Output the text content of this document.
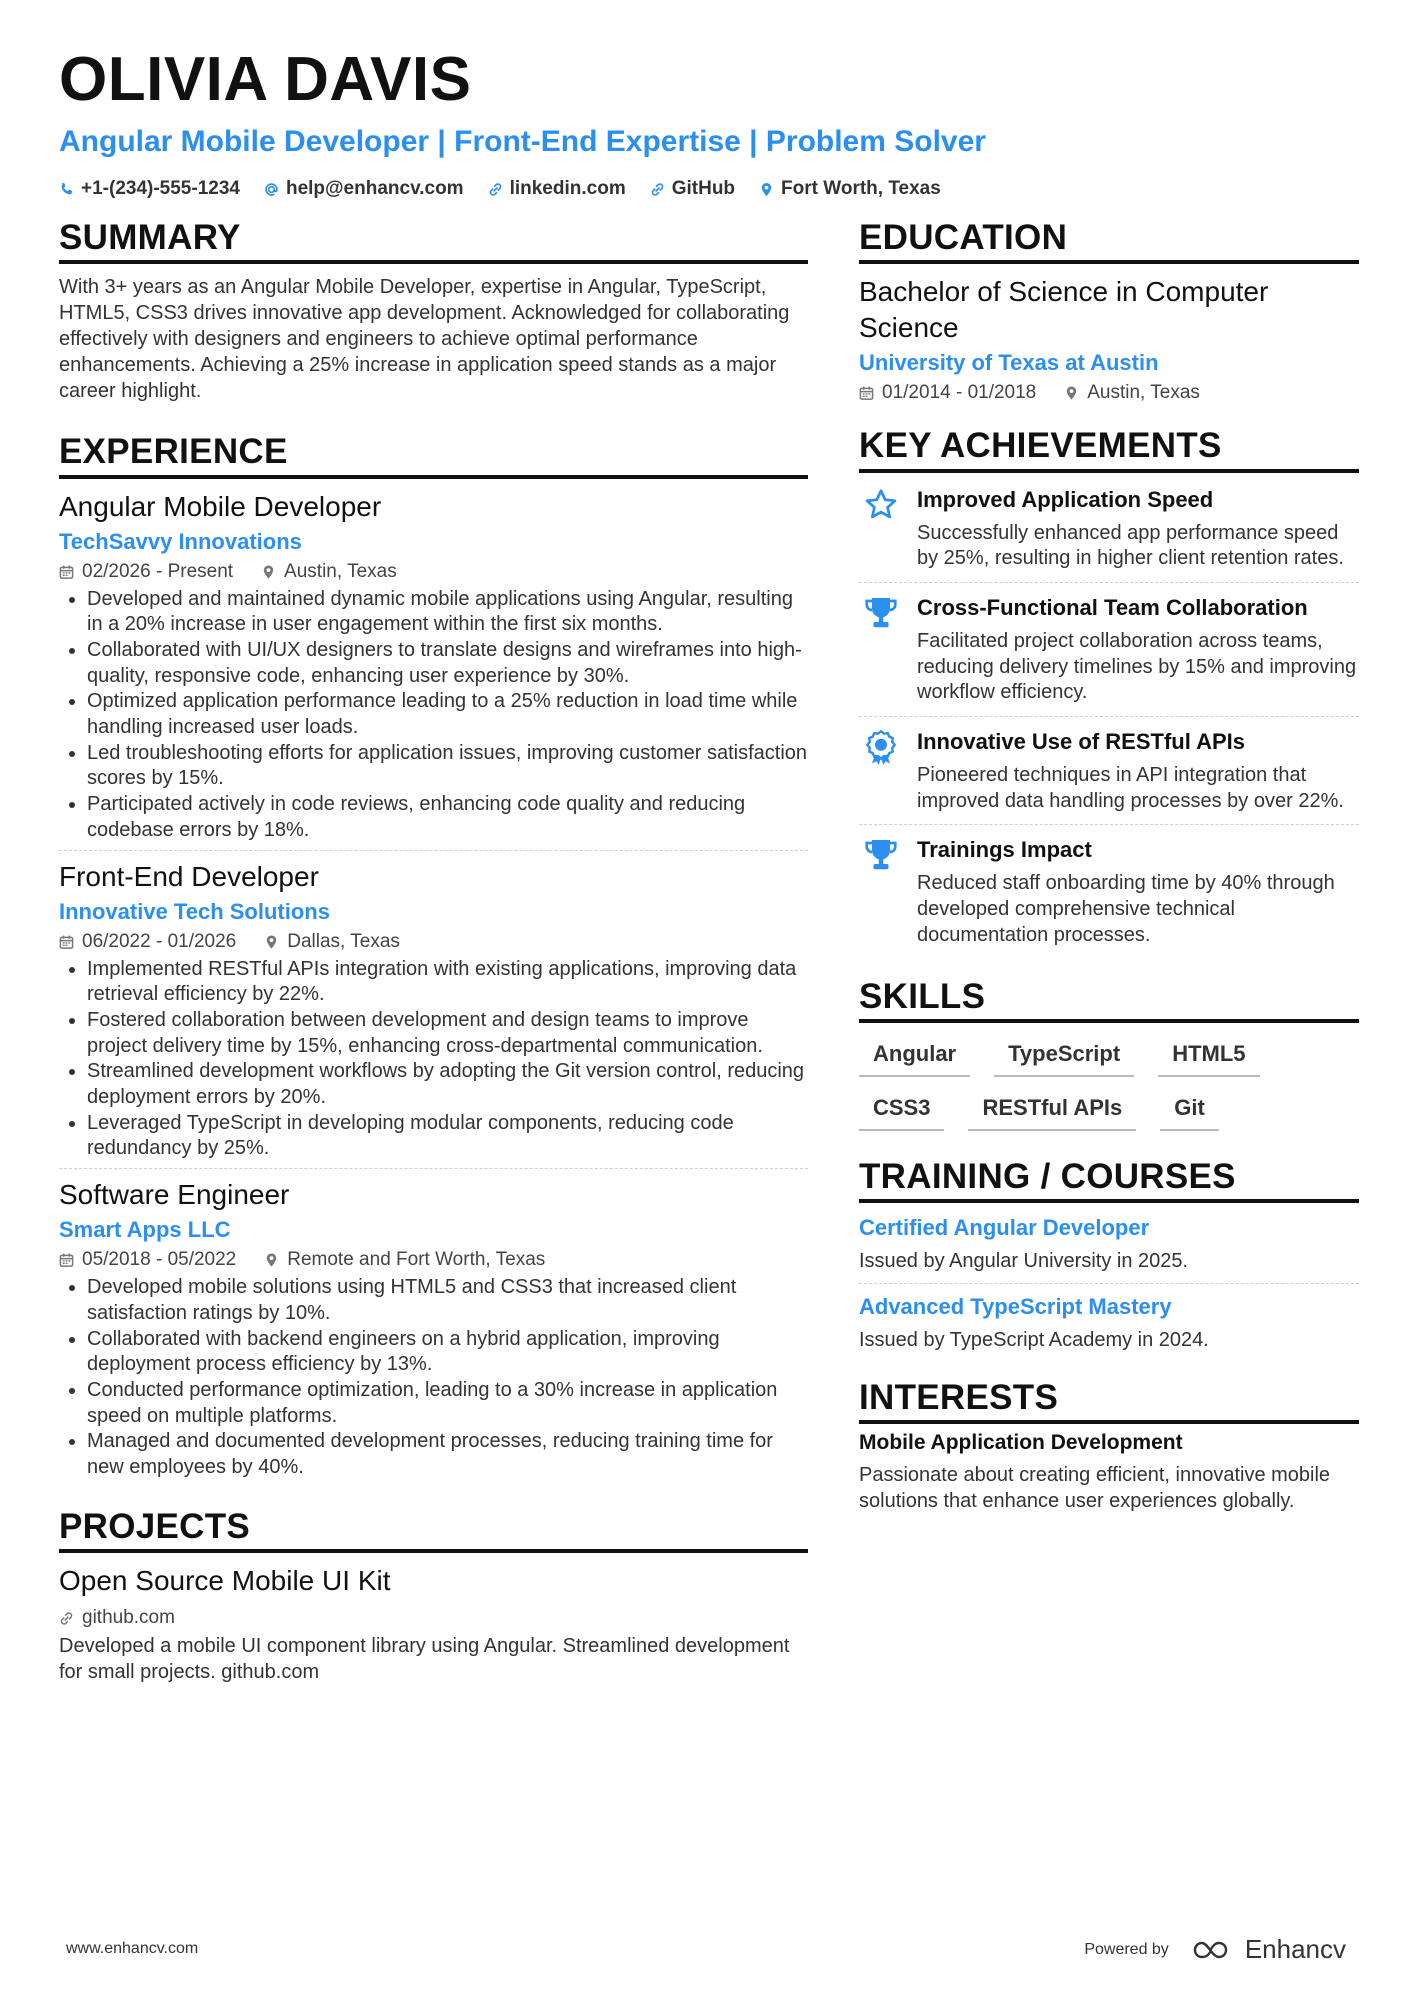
OLIVIA DAVIS
Angular Mobile Developer | Front-End Expertise | Problem Solver
+1-(234)-555-1234 help@enhancv.com linkedin.com GitHub Fort Worth, Texas
SUMMARY

With 3+ years as an Angular Mobile Developer, expertise in Angular, TypeScript, HTML5, CSS3 drives innovative app development. Acknowledged for collaborating effectively with designers and engineers to achieve optimal performance enhancements. Achieving a 25% increase in application speed stands as a major career highlight.

EXPERIENCE
Angular Mobile Developer
TechSavvy Innovations
02/2026 - Present	Austin, Texas
• Developed and maintained dynamic mobile applications using Angular, resulting in a 20% increase in user engagement within the first six months.
• Collaborated with UI/UX designers to translate designs and wireframes into high-quality, responsive code, enhancing user experience by 30%.
• Optimized application performance leading to a 25% reduction in load time while handling increased user loads.
• Led troubleshooting efforts for application issues, improving customer satisfaction scores by 15%.
• Participated actively in code reviews, enhancing code quality and reducing codebase errors by 18%.
Front-End Developer
Innovative Tech Solutions
06/2022 - 01/2026	Dallas, Texas
• Implemented RESTful APIs integration with existing applications, improving data retrieval efficiency by 22%.
• Fostered collaboration between development and design teams to improve project delivery time by 15%, enhancing cross-departmental communication.
• Streamlined development workflows by adopting the Git version control, reducing deployment errors by 20%.
• Leveraged TypeScript in developing modular components, reducing code redundancy by 25%.
Software Engineer
Smart Apps LLC
05/2018 - 05/2022	Remote and Fort Worth, Texas
• Developed mobile solutions using HTML5 and CSS3 that increased client satisfaction ratings by 10%.
• Collaborated with backend engineers on a hybrid application, improving deployment process efficiency by 13%.
• Conducted performance optimization, leading to a 30% increase in application speed on multiple platforms.
• Managed and documented development processes, reducing training time for new employees by 40%.
PROJECTS
Open Source Mobile UI Kit
github.com

Developed a mobile UI component library using Angular. Streamlined development for small projects. github.com

EDUCATION
Bachelor of Science in Computer Science
University of Texas at Austin
01/2014 - 01/2018	Austin, Texas
KEY ACHIEVEMENTS
Improved Application Speed
Successfully enhanced app performance speed by 25%, resulting in higher client retention rates.
Cross-Functional Team Collaboration
Facilitated project collaboration across teams, reducing delivery timelines by 15% and improving workflow efficiency.
Innovative Use of RESTful APIs
Pioneered techniques in API integration that improved data handling processes by over 22%.
Trainings Impact
Reduced staff onboarding time by 40% through developed comprehensive technical documentation processes.
SKILLS
Angular	TypeScript	HTML5
CSS3	RESTful APIs	Git
TRAINING / COURSES
Certified Angular Developer
Issued by Angular University in 2025.
Advanced TypeScript Mastery
Issued by TypeScript Academy in 2024.
INTERESTS
Mobile Application Development

Passionate about creating efficient, innovative mobile solutions that enhance user experiences globally.

www.enhancv.com	Powered by	Enhancv
